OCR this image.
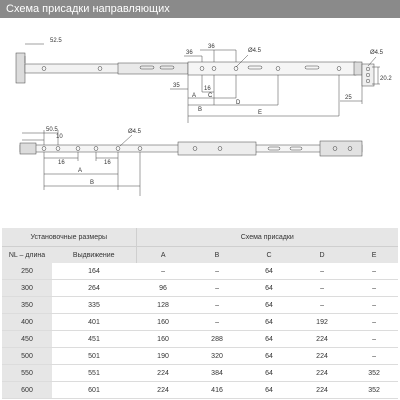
Схема присадки направляющих
52.5
36
36
Ø4.5
35	16
A C
B
D
E
Ø4.5
25
20.2
50.5
10
16	16
Ø4.5
A
B
Установочные размеры		Схема присадки				
NL – длина	Выдвижение	A	B	C	D	E
250	164	–	–	64	–	–
300	264	96	–	64	–	–
350	335	128	–	64	–	–
400	401	160	–	64	192	–
450	451	160	288	64	224	–
500	501	190	320	64	224	–
550	551	224	384	64	224	352
600	601	224	416	64	224	352
